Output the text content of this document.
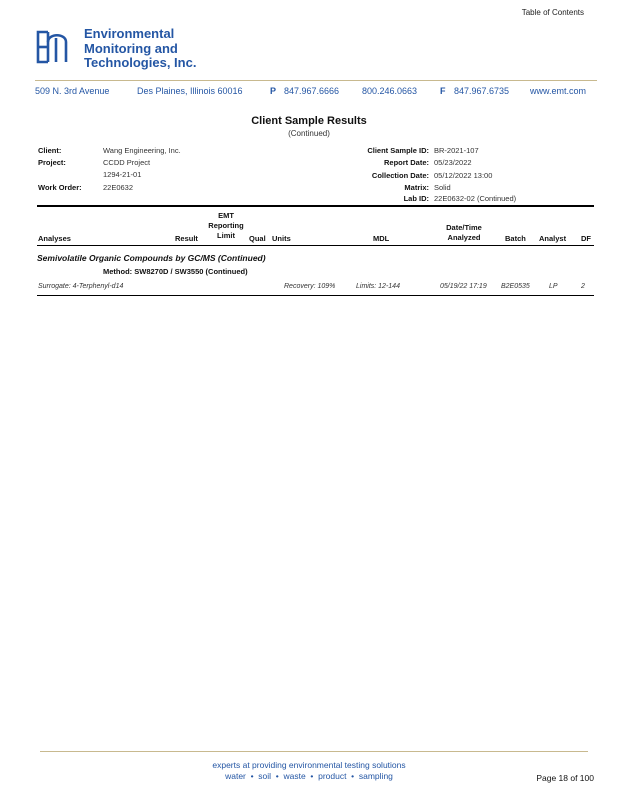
Table of Contents
Environmental
Monitoring and
Technologies, Inc.
509 N. 3rd Avenue	Des Plaines, Illinois 60016	P 847.967.6666	800.246.0663	F 847.967.6735 www.emt.com
Client Sample Results
(Continued)
Client:	Wang Engineering, Inc.
Project:	CCDD Project
1294-21-01
Work Order:	22E0632
Client Sample ID: BR-2021-107
Report Date: 05/23/2022
Collection Date: 05/12/2022 13:00
Matrix: Solid
Lab ID: 22E0632-02 (Continued)
Analyses	Result
EMT
Reporting
Limit	Qual Units	MDL
Date/Time
Analyzed	Batch Analyst DF
Semivolatile Organic Compounds by GC/MS (Continued)
Method: SW8270D / SW3550 (Continued)
Surrogate: 4-Terphenyl-d14	Recovery: 109%	Limits: 12-144	05/19/22 17:19 B2E0535	LP	2
experts at providing environmental testing solutions
water  •  soil  •  waste  •  product  •  sampling	Page 18 of 100
